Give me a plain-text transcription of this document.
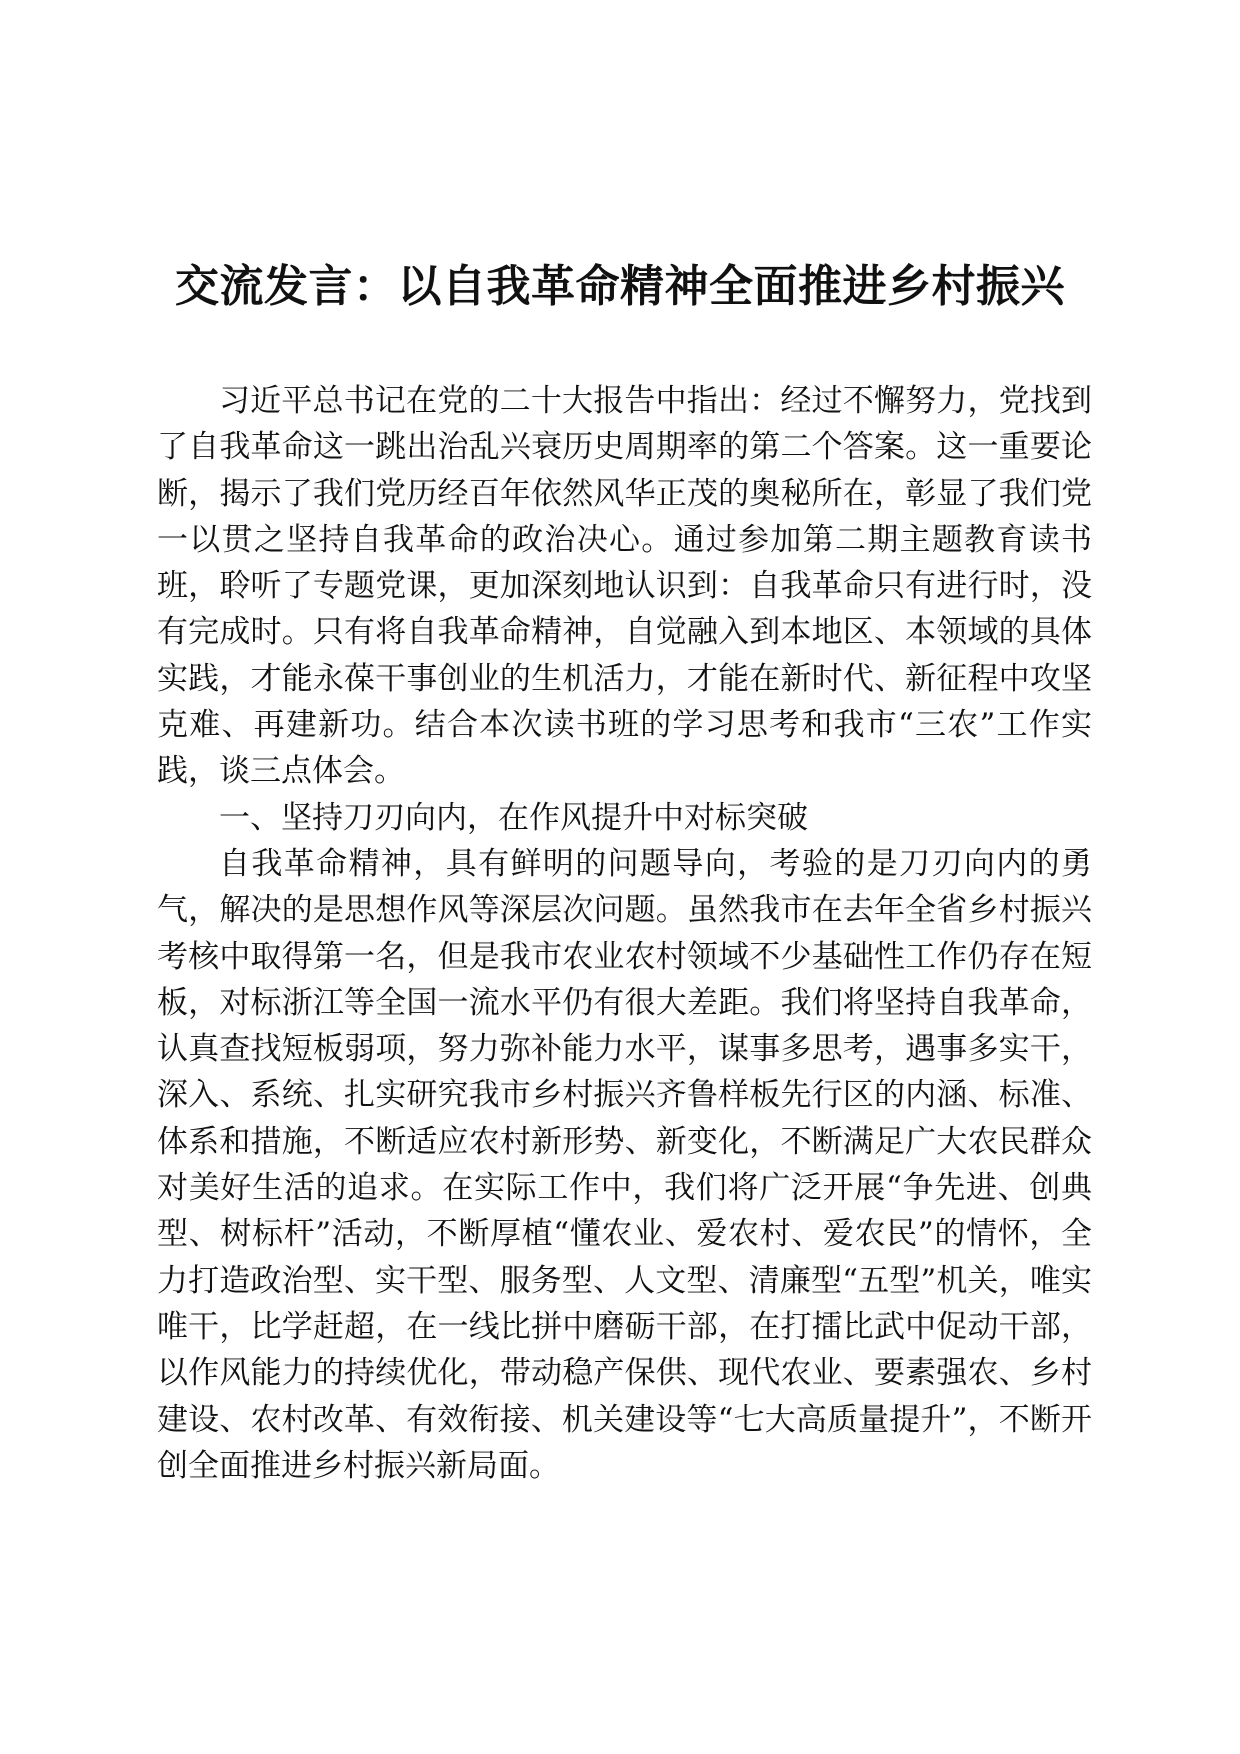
交流发言：以自我革命精神全面推进乡村振兴

习近平总书记在党的二十大报告中指出：经过不懈努力，党找到了自我革命这一跳出治乱兴衰历史周期率的第二个答案。这一重要论断，揭示了我们党历经百年依然风华正茂的奥秘所在，彰显了我们党一以贯之坚持自我革命的政治决心。通过参加第二期主题教育读书班，聆听了专题党课，更加深刻地认识到：自我革命只有进行时，没有完成时。只有将自我革命精神，自觉融入到本地区、本领域的具体实践，才能永葆干事创业的生机活力，才能在新时代、新征程中攻坚克难、再建新功。结合本次读书班的学习思考和我市“三农”工作实践，谈三点体会。

一、坚持刀刃向内，在作风提升中对标突破

自我革命精神，具有鲜明的问题导向，考验的是刀刃向内的勇气，解决的是思想作风等深层次问题。虽然我市在去年全省乡村振兴考核中取得第一名，但是我市农业农村领域不少基础性工作仍存在短板，对标浙江等全国一流水平仍有很大差距。我们将坚持自我革命，认真查找短板弱项，努力弥补能力水平，谋事多思考，遇事多实干，深入、系统、扎实研究我市乡村振兴齐鲁样板先行区的内涵、标准、体系和措施，不断适应农村新形势、新变化，不断满足广大农民群众对美好生活的追求。在实际工作中，我们将广泛开展“争先进、创典型、树标杆”活动，不断厚植“懂农业、爱农村、爱农民”的情怀，全力打造政治型、实干型、服务型、人文型、清廉型“五型”机关，唯实唯干，比学赶超，在一线比拼中磨砺干部，在打擂比武中促动干部，以作风能力的持续优化，带动稳产保供、现代农业、要素强农、乡村建设、农村改革、有效衔接、机关建设等“七大高质量提升”，不断开创全面推进乡村振兴新局面。
